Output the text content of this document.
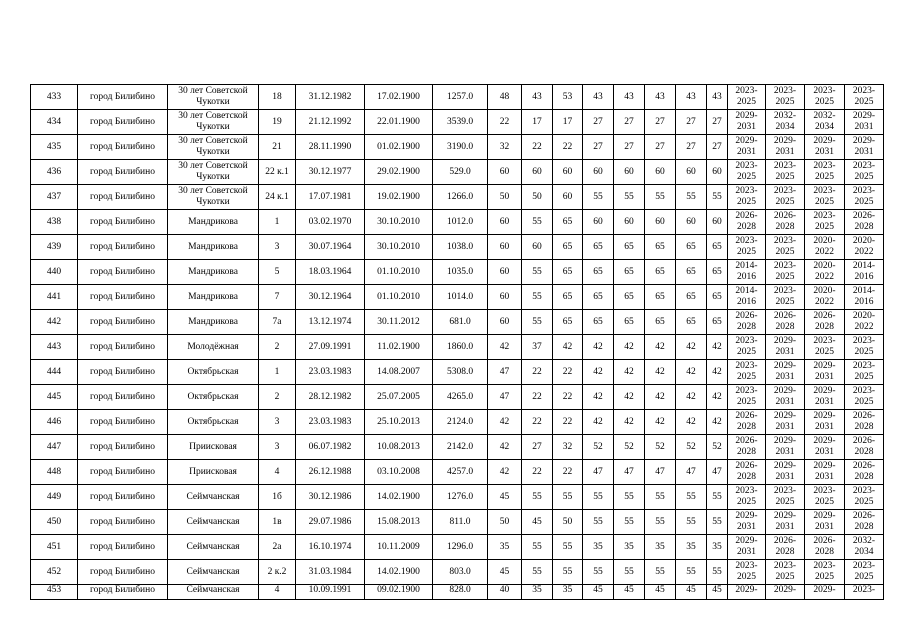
433	город Билибино	30 лет Советской Чукотки	18	31.12.1982	17.02.1900	1257.0	48	43	53	43	43	43	43	43	2023-2025	2023-2025	2023-2025	2023-2025
434	город Билибино	30 лет Советской Чукотки	19	21.12.1992	22.01.1900	3539.0	22	17	17	27	27	27	27	27	2029-2031	2032-2034	2032-2034	2029-2031
435	город Билибино	30 лет Советской Чукотки	21	28.11.1990	01.02.1900	3190.0	32	22	22	27	27	27	27	27	2029-2031	2029-2031	2029-2031	2029-2031
436	город Билибино	30 лет Советской Чукотки	22 к.1	30.12.1977	29.02.1900	529.0	60	60	60	60	60	60	60	60	2023-2025	2023-2025	2023-2025	2023-2025
437	город Билибино	30 лет Советской Чукотки	24 к.1	17.07.1981	19.02.1900	1266.0	50	50	60	55	55	55	55	55	2023-2025	2023-2025	2023-2025	2023-2025
438	город Билибино	Мандрикова	1	03.02.1970	30.10.2010	1012.0	60	55	65	60	60	60	60	60	2026-2028	2026-2028	2023-2025	2026-2028
439	город Билибино	Мандрикова	3	30.07.1964	30.10.2010	1038.0	60	60	65	65	65	65	65	65	2023-2025	2023-2025	2020-2022	2020-2022
440	город Билибино	Мандрикова	5	18.03.1964	01.10.2010	1035.0	60	55	65	65	65	65	65	65	2014-2016	2023-2025	2020-2022	2014-2016
441	город Билибино	Мандрикова	7	30.12.1964	01.10.2010	1014.0	60	55	65	65	65	65	65	65	2014-2016	2023-2025	2020-2022	2014-2016
442	город Билибино	Мандрикова	7а	13.12.1974	30.11.2012	681.0	60	55	65	65	65	65	65	65	2026-2028	2026-2028	2026-2028	2020-2022
443	город Билибино	Молодёжная	2	27.09.1991	11.02.1900	1860.0	42	37	42	42	42	42	42	42	2023-2025	2029-2031	2023-2025	2023-2025
444	город Билибино	Октябрьская	1	23.03.1983	14.08.2007	5308.0	47	22	22	42	42	42	42	42	2023-2025	2029-2031	2029-2031	2023-2025
445	город Билибино	Октябрьская	2	28.12.1982	25.07.2005	4265.0	47	22	22	42	42	42	42	42	2023-2025	2029-2031	2029-2031	2023-2025
446	город Билибино	Октябрьская	3	23.03.1983	25.10.2013	2124.0	42	22	22	42	42	42	42	42	2026-2028	2029-2031	2029-2031	2026-2028
447	город Билибино	Приисковая	3	06.07.1982	10.08.2013	2142.0	42	27	32	52	52	52	52	52	2026-2028	2029-2031	2029-2031	2026-2028
448	город Билибино	Приисковая	4	26.12.1988	03.10.2008	4257.0	42	22	22	47	47	47	47	47	2026-2028	2029-2031	2029-2031	2026-2028
449	город Билибино	Сеймчанская	1б	30.12.1986	14.02.1900	1276.0	45	55	55	55	55	55	55	55	2023-2025	2023-2025	2023-2025	2023-2025
450	город Билибино	Сеймчанская	1в	29.07.1986	15.08.2013	811.0	50	45	50	55	55	55	55	55	2029-2031	2029-2031	2029-2031	2026-2028
451	город Билибино	Сеймчанская	2а	16.10.1974	10.11.2009	1296.0	35	55	55	35	35	35	35	35	2029-2031	2026-2028	2026-2028	2032-2034
452	город Билибино	Сеймчанская	2 к.2	31.03.1984	14.02.1900	803.0	45	55	55	55	55	55	55	55	2023-2025	2023-2025	2023-2025	2023-2025
453	город Билибино	Сеймчанская	4	10.09.1991	09.02.1900	828.0	40	35	35	45	45	45	45	45	2029-	2029-	2029-	2023-
